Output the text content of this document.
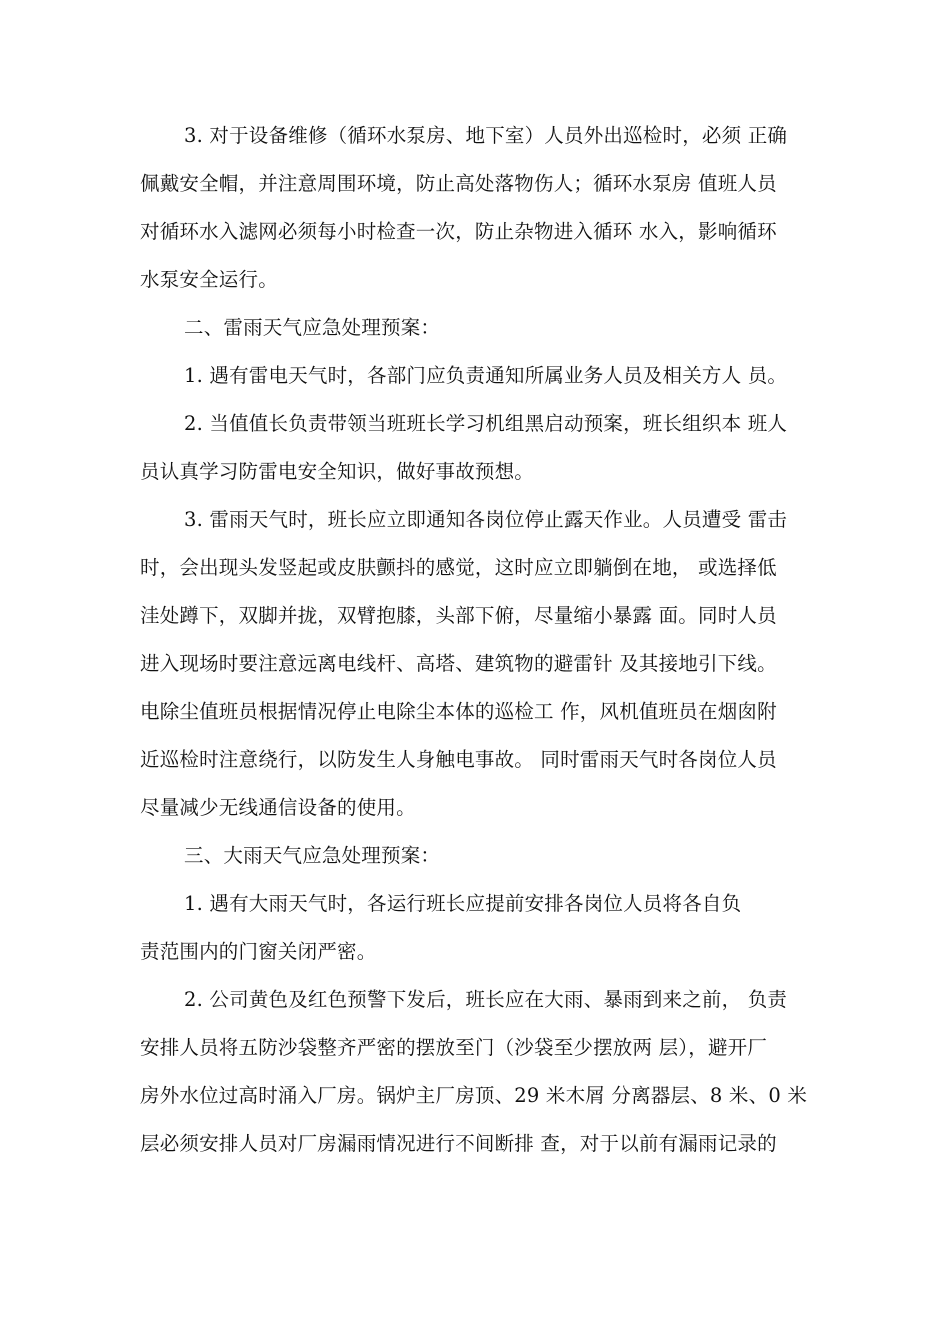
3. 对于设备维修（循环水泵房、地下室）人员外出巡检时，必须 正确
佩戴安全帽，并注意周围环境，防止高处落物伤人；循环水泵房 值班人员
对循环水入滤网必须每小时检查一次，防止杂物进入循环 水入，影响循环
水泵安全运行。

二、雷雨天气应急处理预案：

1. 遇有雷电天气时，各部门应负责通知所属业务人员及相关方人 员。

2. 当值值长负责带领当班班长学习机组黑启动预案，班长组织本 班人
员认真学习防雷电安全知识，做好事故预想。

3. 雷雨天气时，班长应立即通知各岗位停止露天作业。人员遭受 雷击
时，会出现头发竖起或皮肤颤抖的感觉，这时应立即躺倒在地， 或选择低
洼处蹲下，双脚并拢，双臂抱膝，头部下俯，尽量缩小暴露 面。同时人员
进入现场时要注意远离电线杆、高塔、建筑物的避雷针 及其接地引下线。
电除尘值班员根据情况停止电除尘本体的巡检工 作，风机值班员在烟囱附
近巡检时注意绕行，以防发生人身触电事故。 同时雷雨天气时各岗位人员
尽量减少无线通信设备的使用。

三、大雨天气应急处理预案：

1. 遇有大雨天气时，各运行班长应提前安排各岗位人员将各自负
责范围内的门窗关闭严密。

2. 公司黄色及红色预警下发后，班长应在大雨、暴雨到来之前， 负责
安排人员将五防沙袋整齐严密的摆放至门（沙袋至少摆放两 层），避开厂
房外水位过高时涌入厂房。锅炉主厂房顶、29 米木屑 分离器层、8 米、0 米
层必须安排人员对厂房漏雨情况进行不间断排 查，对于以前有漏雨记录的
